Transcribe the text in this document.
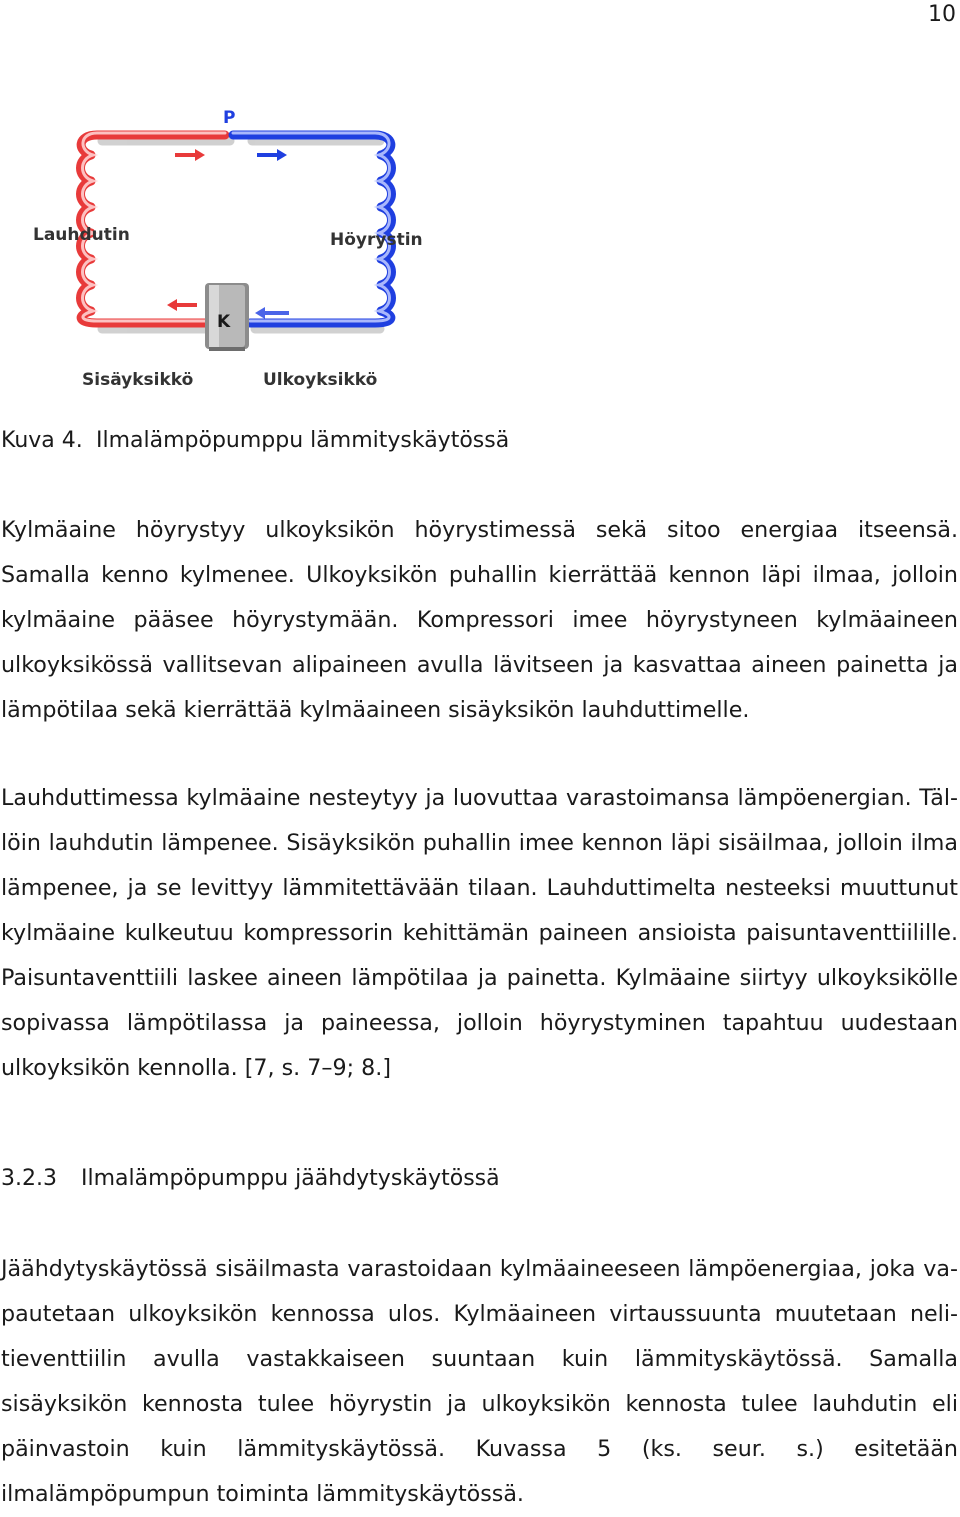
10
P
K
Lauhdutin	Höyrystin
Sisäyksikkö	Ulkoyksikkö
Kuva 4. Ilmalämpöpumppu lämmityskäytössä

Kylmäaine höyrystyy ulkoyksikön höyrystimessä sekä sitoo energiaa itseensä. Samalla kenno kylmenee. Ulkoyksikön puhallin kierrättää kennon läpi ilmaa, jolloin kylmäaine pääsee höyrystymään. Kompressori imee höyrystyneen kylmäaineen ulkoyksikössä vallitsevan alipaineen avulla lävitseen ja kasvattaa aineen painetta ja lämpötilaa sekä kierrättää kylmäaineen sisäyksikön lauhduttimelle.

Lauhduttimessa kylmäaine nesteytyy ja luovuttaa varastoimansa lämpöenergian. Tällöin lauhdutin lämpenee. Sisäyksikön puhallin imee kennon läpi sisäilmaa, jolloin ilma lämpenee, ja se levittyy lämmitettävään tilaan. Lauhduttimelta nesteeksi muuttunut kylmäaine kulkeutuu kompressorin kehittämän paineen ansioista paisuntaventtiilille. Paisuntaventtiili laskee aineen lämpötilaa ja painetta. Kylmäaine siirtyy ulkoyksikölle sopivassa lämpötilassa ja paineessa, jolloin höyrystyminen tapahtuu uudestaan ulkoyksikön kennolla. [7, s. 7–9; 8.]

3.2.3 Ilmalämpöpumppu jäähdytyskäytössä

Jäähdytyskäytössä sisäilmasta varastoidaan kylmäaineeseen lämpöenergiaa, joka vapautetaan ulkoyksikön kennossa ulos. Kylmäaineen virtaussuunta muutetaan nelitieventtiilin avulla vastakkaiseen suuntaan kuin lämmityskäytössä. Samalla sisäyksikön kennosta tulee höyrystin ja ulkoyksikön kennosta tulee lauhdutin eli päinvastoin kuin lämmityskäytössä. Kuvassa 5 (ks. seur. s.) esitetään ilmalämpöpumpun toiminta lämmityskäytössä.
